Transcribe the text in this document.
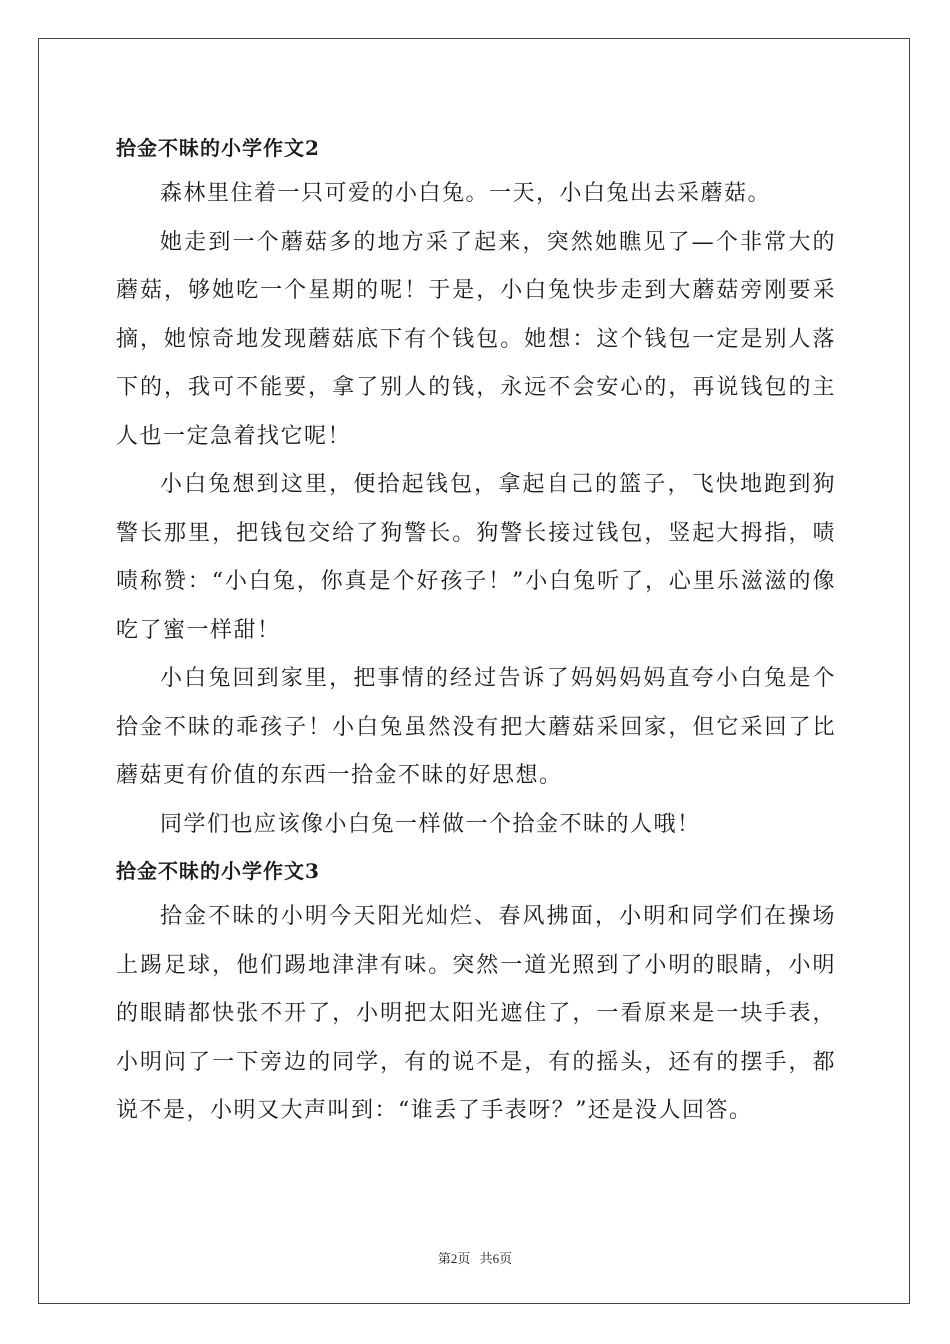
拾金不昧的小学作文2

森林里住着一只可爱的小白兔。一天，小白兔出去采蘑菇。

她走到一个蘑菇多的地方采了起来，突然她瞧见了—个非常大的蘑菇，够她吃一个星期的呢！于是，小白兔快步走到大蘑菇旁刚要采摘，她惊奇地发现蘑菇底下有个钱包。她想：这个钱包一定是别人落下的，我可不能要，拿了别人的钱，永远不会安心的，再说钱包的主人也一定急着找它呢！

小白兔想到这里，便拾起钱包，拿起自己的篮子，飞快地跑到狗警长那里，把钱包交给了狗警长。狗警长接过钱包，竖起大拇指，啧啧称赞：“小白兔，你真是个好孩子！”小白兔听了，心里乐滋滋的像吃了蜜一样甜！

小白兔回到家里，把事情的经过告诉了妈妈妈妈直夸小白兔是个拾金不昧的乖孩子！小白兔虽然没有把大蘑菇采回家，但它采回了比蘑菇更有价值的东西一拾金不昧的好思想。

同学们也应该像小白兔一样做一个拾金不昧的人哦！

拾金不昧的小学作文3

拾金不昧的小明今天阳光灿烂、春风拂面，小明和同学们在操场上踢足球，他们踢地津津有味。突然一道光照到了小明的眼睛，小明的眼睛都快张不开了，小明把太阳光遮住了，一看原来是一块手表，小明问了一下旁边的同学，有的说不是，有的摇头，还有的摆手，都说不是，小明又大声叫到：“谁丢了手表呀？”还是没人回答。

第2页 共6页
